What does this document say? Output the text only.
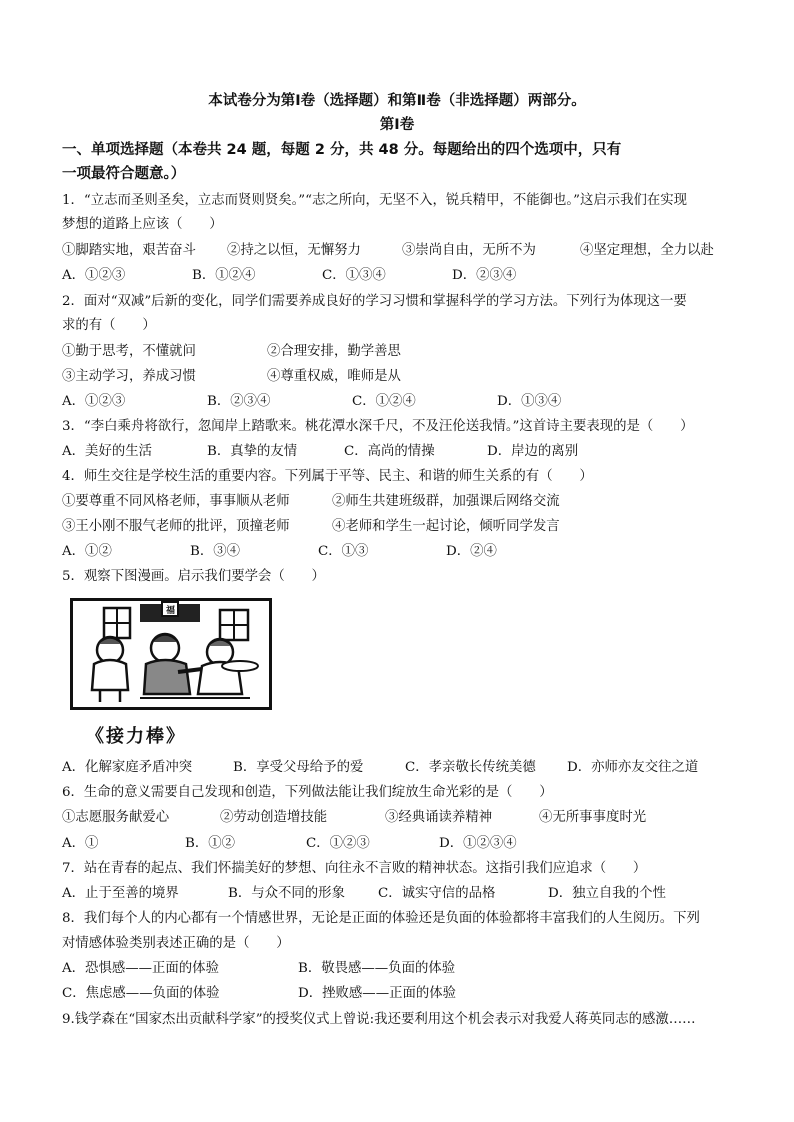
本试卷分为第Ⅰ卷（选择题）和第Ⅱ卷（非选择题）两部分。
第Ⅰ卷
一、单项选择题（本卷共 24 题，每题 2 分，共 48 分。每题给出的四个选项中，只有
一项最符合题意。）
1．“立志而圣则圣矣，立志而贤则贤矣。”“志之所向，无坚不入，锐兵精甲，不能御也。”这启示我们在实现
梦想的道路上应该（　　）
①脚踏实地，艰苦奋斗	②持之以恒，无懈努力	③崇尚自由，无所不为	④坚定理想，全力以赴
A．①②③	B．①②④	C．①③④	D．②③④
2．面对“双减”后新的变化，同学们需要养成良好的学习习惯和掌握科学的学习方法。下列行为体现这一要
求的有（　　）
①勤于思考，不懂就问	②合理安排，勤学善思
③主动学习，养成习惯	④尊重权威，唯师是从
A．①②③	B．②③④	C．①②④	D．①③④
3．“李白乘舟将欲行，忽闻岸上踏歌来。桃花潭水深千尺，不及汪伦送我情。”这首诗主要表现的是（　　）
A．美好的生活	B．真挚的友情	C．高尚的情操	D．岸边的离别
4．师生交往是学校生活的重要内容。下列属于平等、民主、和谐的师生关系的有（　　）
①要尊重不同风格老师，事事顺从老师	②师生共建班级群，加强课后网络交流
③王小刚不服气老师的批评，顶撞老师	④老师和学生一起讨论，倾听同学发言
A．①②	B．③④	C．①③	D．②④
5．观察下图漫画。启示我们要学会（　　）
福
《接力棒》
A．化解家庭矛盾冲突	B．享受父母给予的爱	C．孝亲敬长传统美德	D．亦师亦友交往之道
6．生命的意义需要自己发现和创造，下列做法能让我们绽放生命光彩的是（　　）
①志愿服务献爱心	②劳动创造增技能	③经典诵读养精神	④无所事事度时光
A．①	B．①②	C．①②③	D．①②③④
7．站在青春的起点、我们怀揣美好的梦想、向往永不言败的精神状态。这指引我们应追求（　　）
A．止于至善的境界	B．与众不同的形象	C．诚实守信的品格	D．独立自我的个性
8．我们每个人的内心都有一个情感世界，无论是正面的体验还是负面的体验都将丰富我们的人生阅历。下列
对情感体验类别表述正确的是（　　）
A．恐惧感——正面的体验	B．敬畏感——负面的体验
C．焦虑感——负面的体验	D．挫败感——正面的体验
9.钱学森在“国家杰出贡献科学家”的授奖仪式上曾说:我还要利用这个机会表示对我爱人蒋英同志的感激……
